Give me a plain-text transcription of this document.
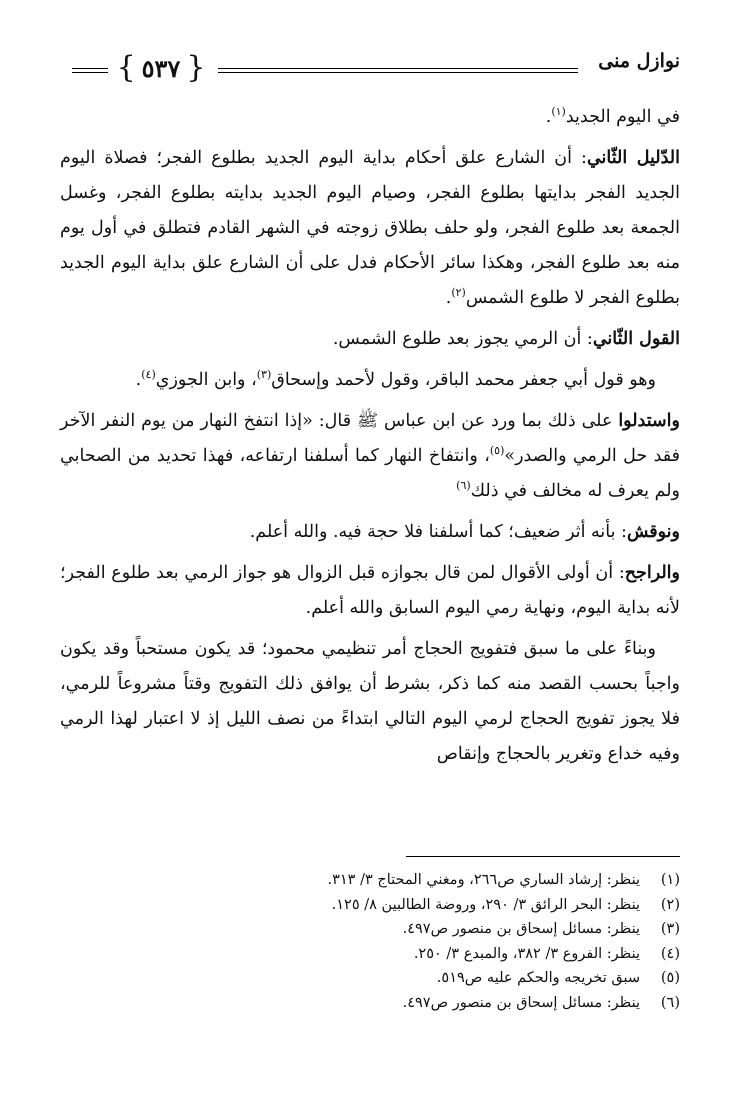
نوازل منى
{ ٥٣٧ }

في اليوم الجديد$^{(١)}$.

الدّليل الثّاني: أن الشارع علق أحكام بداية اليوم الجديد بطلوع الفجر؛ فصلاة اليوم الجديد الفجر بدايتها بطلوع الفجر، وصيام اليوم الجديد بدايته بطلوع الفجر، وغسل الجمعة بعد طلوع الفجر، ولو حلف بطلاق زوجته في الشهر القادم فتطلق في أول يوم منه بعد طلوع الفجر، وهكذا سائر الأحكام فدل على أن الشارع علق بداية اليوم الجديد بطلوع الفجر لا طلوع الشمس$^{(٢)}$.

القول الثّاني: أن الرمي يجوز بعد طلوع الشمس.

وهو قول أبي جعفر محمد الباقر، وقول لأحمد وإسحاق$^{(٣)}$، وابن الجوزي$^{(٤)}$.

واستدلوا على ذلك بما ورد عن ابن عباس ﷺ قال: «إذا انتفخ النهار من يوم النفر الآخر فقد حل الرمي والصدر»$^{(٥)}$، وانتفاخ النهار كما أسلفنا ارتفاعه، فهذا تحديد من الصحابي ولم يعرف له مخالف في ذلك$^{(٦)}$

ونوقش: بأنه أثر ضعيف؛ كما أسلفنا فلا حجة فيه. والله أعلم.

والراجح: أن أولى الأقوال لمن قال بجوازه قبل الزوال هو جواز الرمي بعد طلوع الفجر؛ لأنه بداية اليوم، ونهاية رمي اليوم السابق والله أعلم.

وبناءً على ما سبق فتفويج الحجاج أمر تنظيمي محمود؛ قد يكون مستحباً وقد يكون واجباً بحسب القصد منه كما ذكر، بشرط أن يوافق ذلك التفويج وقتاً مشروعاً للرمي، فلا يجوز تفويج الحجاج لرمي اليوم التالي ابتداءً من نصف الليل إذ لا اعتبار لهذا الرمي وفيه خداع وتغرير بالحجاج وإنقاص

(١)
ينظر: إرشاد الساري ص٢٦٦، ومغني المحتاج ٣/ ٣١٣.
(٢)
ينظر: البحر الرائق ٣/ ٢٩٠، وروضة الطالبين ٨/ ١٢٥.
(٣)
ينظر: مسائل إسحاق بن منصور ص٤٩٧.
(٤)
ينظر: الفروع ٣/ ٣٨٢، والمبدع ٣/ ٢٥٠.
(٥)
سبق تخريجه والحكم عليه ص٥١٩.
(٦)
ينظر: مسائل إسحاق بن منصور ص٤٩٧.
